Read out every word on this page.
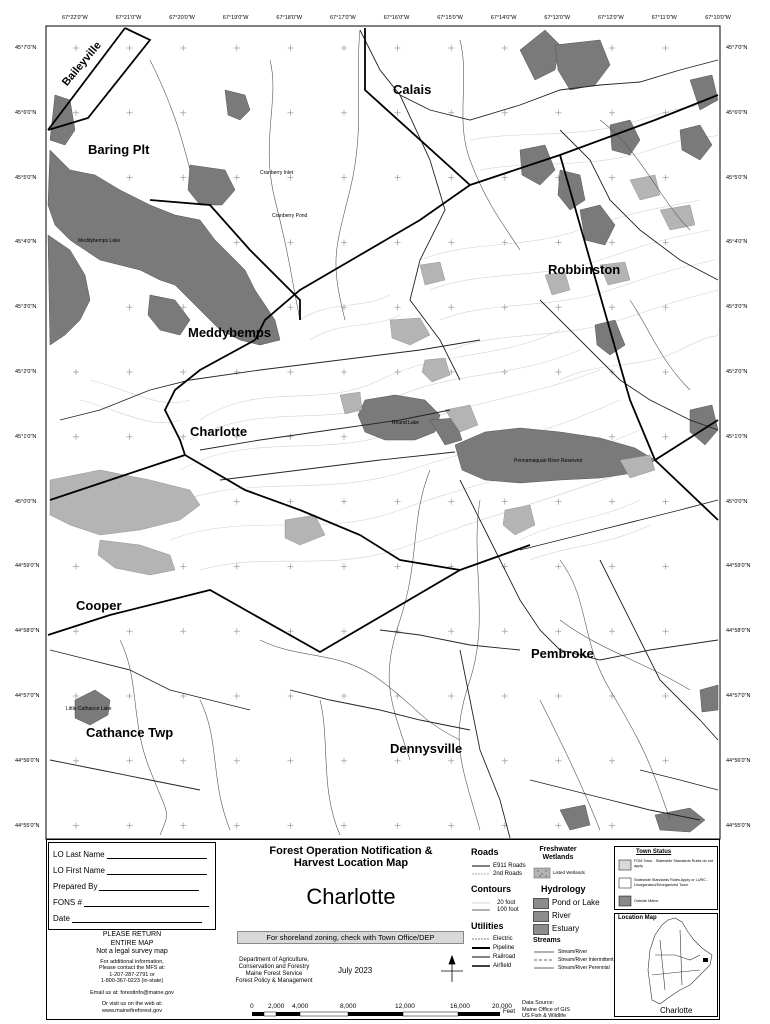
67°22'0"W	67°21'0"W	67°20'0"W	67°19'0"W	67°18'0"W	67°17'0"W	67°16'0"W	67°15'0"W	67°14'0"W	67°13'0"W	67°12'0"W	67°11'0"W	67°10'0"W
45°7'0"N
45°6'0"N
45°5'0"N
45°4'0"N
45°3'0"N
45°2'0"N
45°1'0"N
45°0'0"N
44°59'0"N
44°58'0"N
44°57'0"N
44°56'0"N
44°55'0"N
45°7'0"N
45°6'0"N
45°5'0"N
45°4'0"N
45°3'0"N
45°2'0"N
45°1'0"N
45°0'0"N
44°59'0"N
44°58'0"N
44°57'0"N
44°56'0"N
44°55'0"N
Baileyville
Calais
Baring Plt
Robbinston
Meddybemps
Charlotte
Cooper
Pembroke
Cathance Twp
Dennysville
Meddybemps Lake
Round Lake
Pennamaquan River Reservoir
Little Cathance Lake
Cranberry Inlet
Cranberry Pond
LO Last Name
LO First Name
Prepared By
FONS #
Date
PLEASE RETURN
ENTIRE MAP
Not a legal survey map
For additional information,
Please contact the MFS at:
1-207-287-2791 or
1-800-367-0223 (in-state)
Email us at: forestinfo@maine.gov
Or visit us on the web at:
www.mainefireforest.gov
Forest Operation Notification &
Harvest Location Map
Charlotte
For shoreland zoning, check with Town Office/DEP
Department of Agriculture,
Conservation and Forestry
Maine Forest Service
Forest Policy & Management
July 2023
0 2,000 4,000	8,000	12,000	16,000	20,000
Feet
Roads
E911 Roads
2nd Roads
Contours
20 foot
100 foot
Utilities
Electric
Pipeline
Railroad
Airfield
Freshwater
Wetlands
Listed Wetlands
Hydrology
Pond or Lake
River
Estuary
Streams
Stream/River
Stream/River Intermittent
Stream/River Perennial
Data Source:
Maine Office of GIS
US Fish & Wildlife
Town Status
FOM Town - Statewide Standards Rules do not apply
Statewide Standards Rules Apply or LURC - Unorganized/Deorganized Town
Outside Maine
Location Map
Charlotte
